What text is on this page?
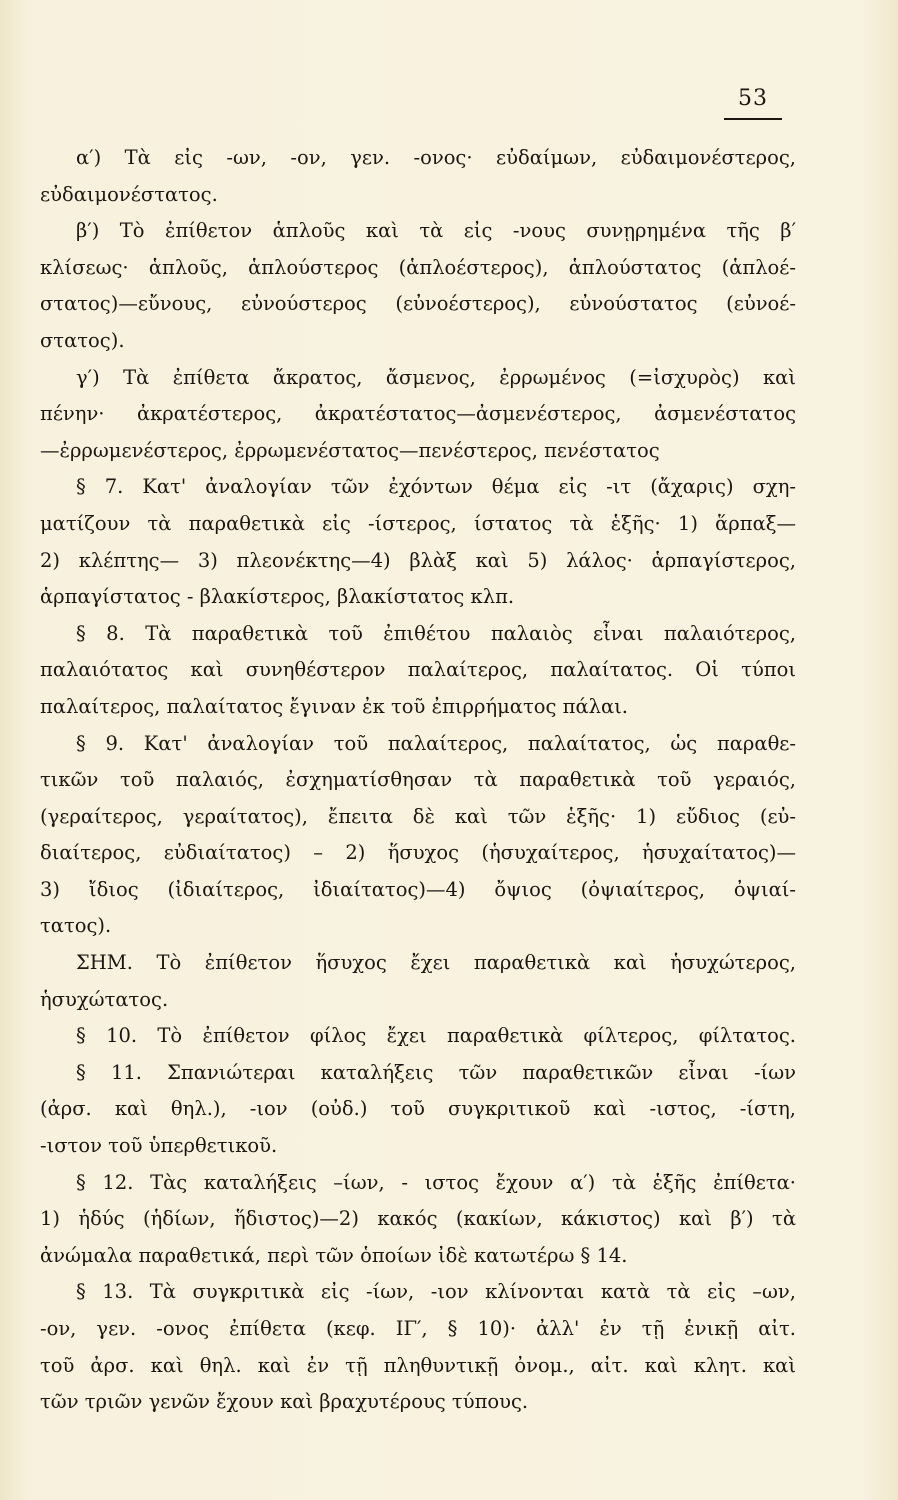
53
α′) Τὰ εἰς -ων, -ον, γεν. -ονος· εὐδαίμων, εὐδαιμονέστερος,
εὐδαιμονέστατος.
β′) Τὸ ἐπίθετον ἁπλοῦς καὶ τὰ εἰς -νους συνῃρημένα τῆς β′
κλίσεως· ἁπλοῦς, ἁπλούστερος (ἁπλοέστερος), ἁπλούστατος (ἁπλοέ-
στατος)—εὔνους, εὐνούστερος (εὐνοέστερος), εὐνούστατος (εὐνοέ-
στατος).
γ′) Τὰ ἐπίθετα ἄκρατος, ἄσμενος, ἐρρωμένος (=ἰσχυρὸς) καὶ
πένην· ἀκρατέστερος, ἀκρατέστατος—ἀσμενέστερος, ἀσμενέστατος
—ἐρρωμενέστερος, ἐρρωμενέστατος—πενέστερος, πενέστατος
§ 7. Κατ' ἀναλογίαν τῶν ἐχόντων θέμα εἰς -ιτ (ἄχαρις) σχη-
ματίζουν τὰ παραθετικὰ εἰς -ίστερος, ίστατος τὰ ἑξῆς· 1) ἅρπαξ—
2) κλέπτης— 3) πλεονέκτης—4) βλὰξ καὶ 5) λάλος· ἁρπαγίστερος,
ἁρπαγίστατος - βλακίστερος, βλακίστατος κλπ.
§ 8. Τὰ παραθετικὰ τοῦ ἐπιθέτου παλαιὸς εἶναι παλαιότερος,
παλαιότατος καὶ συνηθέστερον παλαίτερος, παλαίτατος. Οἱ τύποι
παλαίτερος, παλαίτατος ἔγιναν ἐκ τοῦ ἐπιρρήματος πάλαι.
§ 9. Κατ' ἀναλογίαν τοῦ παλαίτερος, παλαίτατος, ὡς παραθε-
τικῶν τοῦ παλαιός, ἐσχηματίσθησαν τὰ παραθετικὰ τοῦ γεραιός,
(γεραίτερος, γεραίτατος), ἔπειτα δὲ καὶ τῶν ἑξῆς· 1) εὔδιος (εὐ-
διαίτερος, εὐδιαίτατος) – 2) ἥσυχος (ἡσυχαίτερος, ἡσυχαίτατος)—
3) ἴδιος (ἰδιαίτερος, ἰδιαίτατος)—4) ὄψιος (ὀψιαίτερος, ὀψιαί-
τατος).
ΣΗΜ. Τὸ ἐπίθετον ἥσυχος ἔχει παραθετικὰ καὶ ἡσυχώτερος,
ἡσυχώτατος.
§ 10. Τὸ ἐπίθετον φίλος ἔχει παραθετικὰ φίλτερος, φίλτατος.
§ 11. Σπανιώτεραι καταλήξεις τῶν παραθετικῶν εἶναι -ίων
(ἀρσ. καὶ θηλ.), -ιον (οὐδ.) τοῦ συγκριτικοῦ καὶ -ιστος, -ίστη,
-ιστον τοῦ ὑπερθετικοῦ.
§ 12. Τὰς καταλήξεις –ίων, - ιστος ἔχουν α′) τὰ ἑξῆς ἐπίθετα·
1) ἡδύς (ἡδίων, ἥδιστος)—2) κακός (κακίων, κάκιστος) καὶ β′) τὰ
ἀνώμαλα παραθετικά, περὶ τῶν ὁποίων ἰδὲ κατωτέρω § 14.
§ 13. Τὰ συγκριτικὰ εἰς -ίων, -ιον κλίνονται κατὰ τὰ εἰς –ων,
-ον, γεν. -ονος ἐπίθετα (κεφ. ΙΓ′, § 10)· ἀλλ' ἐν τῇ ἑνικῇ αἰτ.
τοῦ ἀρσ. καὶ θηλ. καὶ ἐν τῇ πληθυντικῇ ὀνομ., αἰτ. καὶ κλητ. καὶ
τῶν τριῶν γενῶν ἔχουν καὶ βραχυτέρους τύπους.
